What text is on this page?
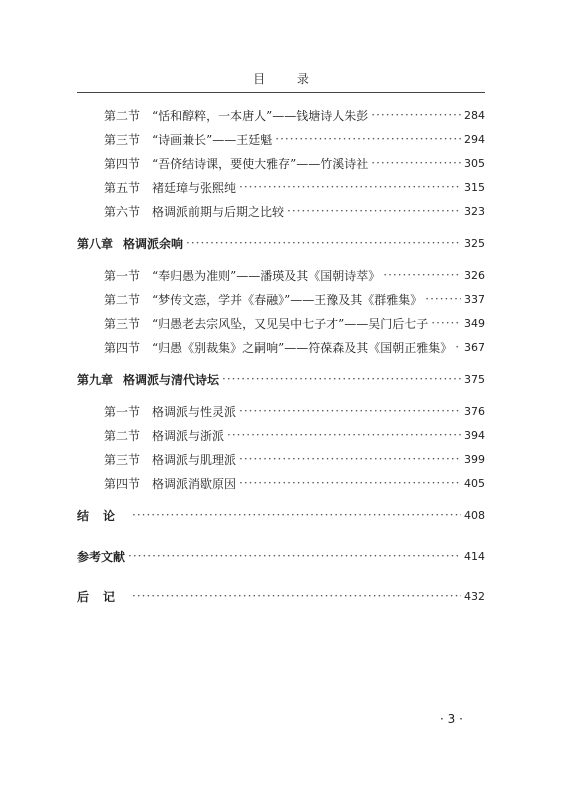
目 录
第二节 “恬和醇粹，一本唐人”——钱塘诗人朱彭 ·····	284
第三节 “诗画兼长”——王廷魁 ·····	294
第四节 “吾侪结诗课，要使大雅存”——竹溪诗社 ·····	305
第五节 褚廷璋与张熙纯 ·····	315
第六节 格调派前期与后期之比较 ·····	323
第八章 格调派余响 ·····	325
第一节 “奉归愚为准则”——潘瑛及其《国朝诗萃》 ·····	326
第二节 “梦传文悫，学并《春融》”——王豫及其《群雅集》 ·····	337
第三节 “归愚老去宗风坠，又见吴中七子才”——吴门后七子 ·····	349
第四节 “归愚《别裁集》之嗣响”——符葆森及其《国朝正雅集》 ····· 367
第九章 格调派与清代诗坛 ·····	375
第一节 格调派与性灵派 ·····	376
第二节 格调派与浙派 ·····	394
第三节 格调派与肌理派 ·····	399
第四节 格调派消歇原因 ·····	405
结论 ·····	408
参考文献 ·····	414
后记 ·····	432
· 3 ·
